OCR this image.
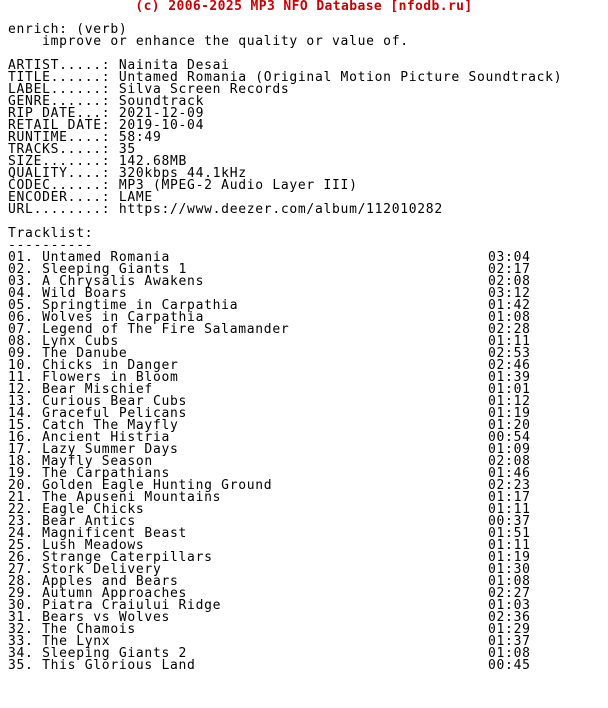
(c) 2006-2025 MP3 NFO Database [nfodb.ru]
enrich: (verb)
improve or enhance the quality or value of.
ARTIST.....: Nainita Desai
TITLE......: Untamed Romania (Original Motion Picture Soundtrack)
LABEL......: Silva Screen Records
GENRE......: Soundtrack
RIP DATE...: 2021-12-09
RETAIL DATE: 2019-10-04
RUNTIME....: 58:49
TRACKS.....: 35
SIZE.......: 142.68MB
QUALITY....: 320kbps 44.1kHz
CODEC......: MP3 (MPEG-2 Audio Layer III)
ENCODER....: LAME
URL........: https://www.deezer.com/album/112010282
Tracklist:
----------
01. Untamed Romania	03:04
02. Sleeping Giants 1	02:17
03. A Chrysalis Awakens	02:08
04. Wild Boars	03:12
05. Springtime in Carpathia	01:42
06. Wolves in Carpathia	01:08
07. Legend of The Fire Salamander	02:28
08. Lynx Cubs	01:11
09. The Danube	02:53
10. Chicks in Danger	02:46
11. Flowers in Bloom	01:39
12. Bear Mischief	01:01
13. Curious Bear Cubs	01:12
14. Graceful Pelicans	01:19
15. Catch The Mayfly	01:20
16. Ancient Histria	00:54
17. Lazy Summer Days	01:09
18. Mayfly Season	02:08
19. The Carpathians	01:46
20. Golden Eagle Hunting Ground	02:23
21. The Apuseni Mountains	01:17
22. Eagle Chicks	01:11
23. Bear Antics	00:37
24. Magnificent Beast	01:51
25. Lush Meadows	01:11
26. Strange Caterpillars	01:19
27. Stork Delivery	01:30
28. Apples and Bears	01:08
29. Autumn Approaches	02:27
30. Piatra Craiului Ridge	01:03
31. Bears vs Wolves	02:36
32. The Chamois	01:29
33. The Lynx	01:37
34. Sleeping Giants 2	01:08
35. This Glorious Land	00:45
